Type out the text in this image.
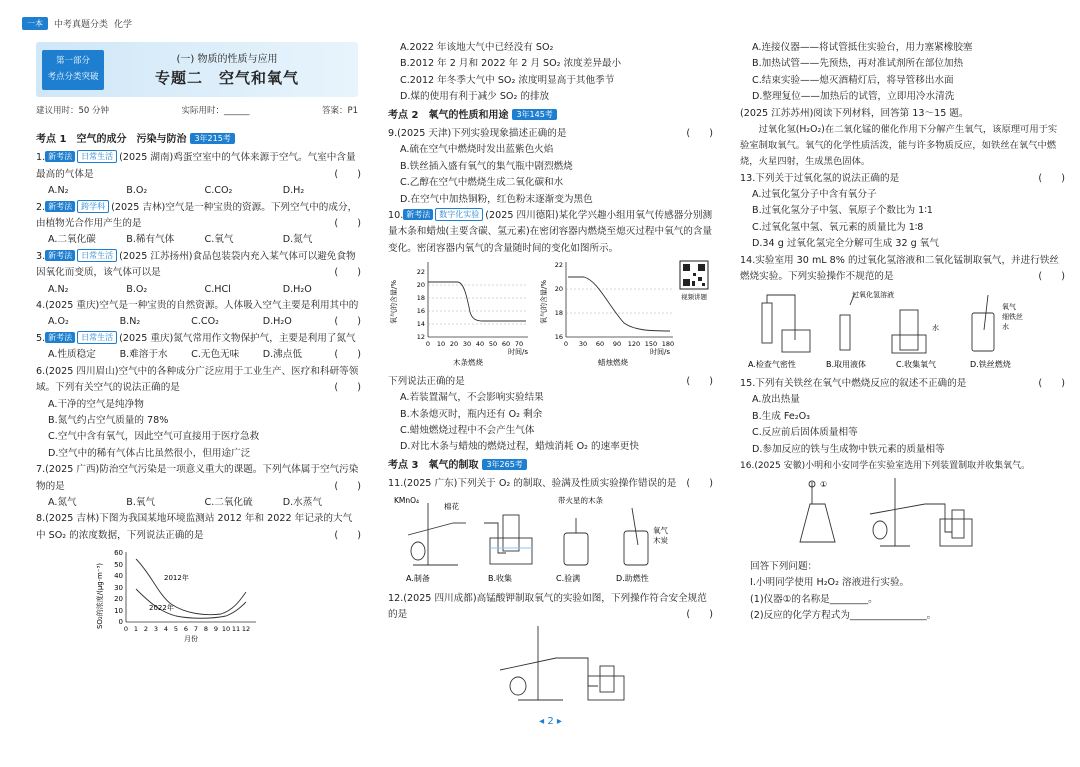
一本	中考真题分类 化学
第一部分
考点分类突破
(一) 物质的性质与应用
专题二　空气和氧气
建议用时：50 分钟	实际用时：______	答案：P1
考点 1　空气的成分　污染与防治 3年215考

1. 新考法 日常生活 (2025 湖南)鸡蛋空室中的气体来源于空气。气室中含量最高的气体是	(　　)

A.N₂	B.O₂	C.CO₂	D.H₂

2. 新考法 跨学科 (2025 吉林)空气是一种宝贵的资源。下列空气中的成分，由植物光合作用产生的是	(　　)

A.二氧化碳	B.稀有气体	C.氧气	D.氮气

3. 新考法 日常生活 (2025 江苏扬州)食品包装袋内充入某气体可以避免食物因氧化而变质，该气体可以是	(　　)

A.N₂	B.O₂	C.HCl	D.H₂O

4.(2025 重庆)空气是一种宝贵的自然资源。人体吸入空气主要是利用其中的
(　　)

A.O₂	B.N₂	C.CO₂	D.H₂O

5. 新考法 日常生活 (2025 重庆)氮气常用作文物保护气，主要是利用了氮气
(　　)

A.性质稳定	B.难溶于水	C.无色无味	D.沸点低

6.(2025 四川眉山)空气中的各种成分广泛应用于工业生产、医疗和科研等领域。下列有关空气的说法正确的是	(　　)

A.干净的空气是纯净物
B.氮气约占空气质量的 78%
C.空气中含有氧气，因此空气可直接用于医疗急救
D.空气中的稀有气体占比虽然很小，但用途广泛

7.(2025 广西)防治空气污染是一项意义重大的课题。下列气体属于空气污染物的是	(　　)

A.氮气	B.氧气	C.二氧化硫	D.水蒸气

8.(2025 吉林)下图为我国某地环境监测站 2012 年和 2022 年记录的大气中 SO₂ 的浓度数据，下列说法正确的是	(　　)

SO₂的浓度/(μg·m⁻³) 0
10
20
30
40
50
60
0 1 2 3 4 5 6 7 8 9 10 11 12
2012年
2022年
月份
A.2022 年该地大气中已经没有 SO₂
B.2012 年 2 月和 2022 年 2 月 SO₂ 浓度差异最小
C.2012 年冬季大气中 SO₂ 浓度明显高于其他季节
D.煤的使用有利于减少 SO₂ 的排放
考点 2　氧气的性质和用途 3年145考

9.(2025 天津)下列实验现象描述正确的是	(　　)

A.硫在空气中燃烧时发出蓝紫色火焰
B.铁丝插入盛有氧气的集气瓶中剧烈燃烧
C.乙醇在空气中燃烧生成二氧化碳和水
D.在空气中加热铜粉，红色粉末逐渐变为黑色

10. 新考法 数字化实验 (2025 四川德阳)某化学兴趣小组用氧气传感器分别测量木条和蜡烛(主要含碳、氢元素)在密闭容器内燃烧至熄灭过程中氧气的含量变化。密闭容器内氧气的含量随时间的变化如图所示。

氧气的含量/%
12
14
16
18
20
22
0 10 20 30 40 50 60 70
时间/s
木条燃烧
氧气的含量/%
16
18
20
22
0 30 60 90 120 150 180
时间/s
蜡烛燃烧
视频讲题

下列说法正确的是	(　　)

A.若装置漏气，不会影响实验结果
B.木条熄灭时，瓶内还有 O₂ 剩余
C.蜡烛燃烧过程中不会产生气体
D.对比木条与蜡烛的燃烧过程，蜡烛消耗 O₂ 的速率更快
考点 3　氧气的制取 3年265考

11.(2025 广东)下列关于 O₂ 的制取、验满及性质实验操作错误的是 (　　)

KMnO₄
棉花
带火星的木条
氧气
木炭
A.制备	B.收集	C.验满	D.助燃性

12.(2025 四川成都)高锰酸钾制取氧气的实验如图，下列操作符合安全规范的是	(　　)

◂ 2 ▸
A.连接仪器——将试管抵住实验台，用力塞紧橡胶塞
B.加热试管——先预热，再对准试剂所在部位加热
C.结束实验——熄灭酒精灯后，将导管移出水面
D.整理复位——加热后的试管，立即用冷水清洗
(2025 江苏苏州)阅读下列材料，回答第 13～15 题。
过氧化氢(H₂O₂)在二氧化锰的催化作用下分解产生氧气，该原理可用于实验室制取氧气。氧气的化学性质活泼，能与许多物质反应，如铁丝在氧气中燃烧，火星四射，生成黑色固体。

13.下列关于过氧化氢的说法正确的是	(　　)

A.过氧化氢分子中含有氧分子
B.过氧化氢分子中氢、氧原子个数比为 1∶1
C.过氧化氢中氢、氧元素的质量比为 1∶8
D.34 g 过氧化氢完全分解可生成 32 g 氧气

14.实验室用 30 mL 8% 的过氧化氢溶液和二氧化锰制取氧气，并进行铁丝燃烧实验。下列实验操作不规范的是	(　　)

过氧化氢溶液
水
氧气
细铁丝
水
A.检查气密性	B.取用液体	C.收集氧气	D.铁丝燃烧

15.下列有关铁丝在氧气中燃烧反应的叙述不正确的是	(　　)

A.放出热量
B.生成 Fe₂O₃
C.反应前后固体质量相等
D.参加反应的铁与生成物中铁元素的质量相等

16.(2025 安徽)小明和小安同学在实验室选用下列装置制取并收集氧气。

①
回答下列问题：
Ⅰ.小明同学使用 H₂O₂ 溶液进行实验。
(1)仪器①的名称是________。
(2)反应的化学方程式为________________。
